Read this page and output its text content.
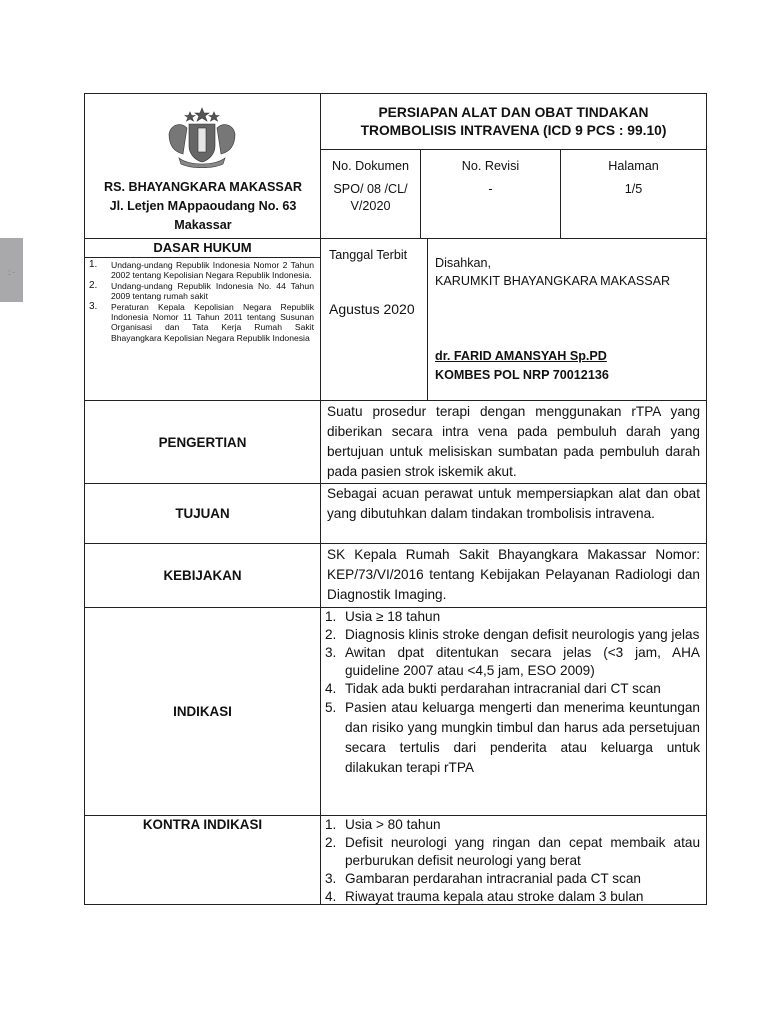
: ·
RS. BHAYANGKARA MAKASSAR
Jl. Letjen MAppaoudang No. 63
Makassar
PERSIAPAN ALAT DAN OBAT TINDAKAN
TROMBOLISIS INTRAVENA (ICD 9 PCS : 99.10)
No. Dokumen
SPO/ 08 /CL/ V/2020
No. Revisi
-
Halaman
1/5
DASAR HUKUM
1. Undang-undang Republik Indonesia Nomor 2 Tahun 2002 tentang Kepolisian Negara Republik Indonesia.
2. Undang-undang Republik Indonesia No. 44 Tahun 2009 tentang rumah sakit
3. Peraturan Kepala Kepolisian Negara Republik Indonesia Nomor 11 Tahun 2011 tentang Susunan Organisasi dan Tata Kerja Rumah Sakit Bhayangkara Kepolisian Negara Republik Indonesia
Tanggal Terbit
Agustus 2020
Disahkan,
KARUMKIT BHAYANGKARA MAKASSAR
dr. FARID AMANSYAH Sp.PD
KOMBES POL NRP 70012136
PENGERTIAN
Suatu prosedur terapi dengan menggunakan rTPA yang diberikan secara intra vena pada pembuluh darah yang bertujuan untuk melisiskan sumbatan pada pembuluh darah pada pasien strok iskemik akut.
TUJUAN
Sebagai acuan perawat untuk mempersiapkan alat dan obat yang dibutuhkan dalam tindakan trombolisis intravena.
KEBIJAKAN
SK Kepala Rumah Sakit Bhayangkara Makassar Nomor: KEP/73/VI/2016 tentang Kebijakan Pelayanan Radiologi dan Diagnostik Imaging.
INDIKASI
1. Usia ≥ 18 tahun
2. Diagnosis klinis stroke dengan defisit neurologis yang jelas
3. Awitan dpat ditentukan secara jelas (<3 jam, AHA guideline 2007 atau <4,5 jam, ESO 2009)
4. Tidak ada bukti perdarahan intracranial dari CT scan
5. Pasien atau keluarga mengerti dan menerima keuntungan dan risiko yang mungkin timbul dan harus ada persetujuan secara tertulis dari penderita atau keluarga untuk dilakukan terapi rTPA
KONTRA INDIKASI	1. Usia > 80 tahun
2. Defisit neurologi yang ringan dan cepat membaik atau perburukan defisit neurologi yang berat
3. Gambaran perdarahan intracranial pada CT scan
4. Riwayat trauma kepala atau stroke dalam 3 bulan
